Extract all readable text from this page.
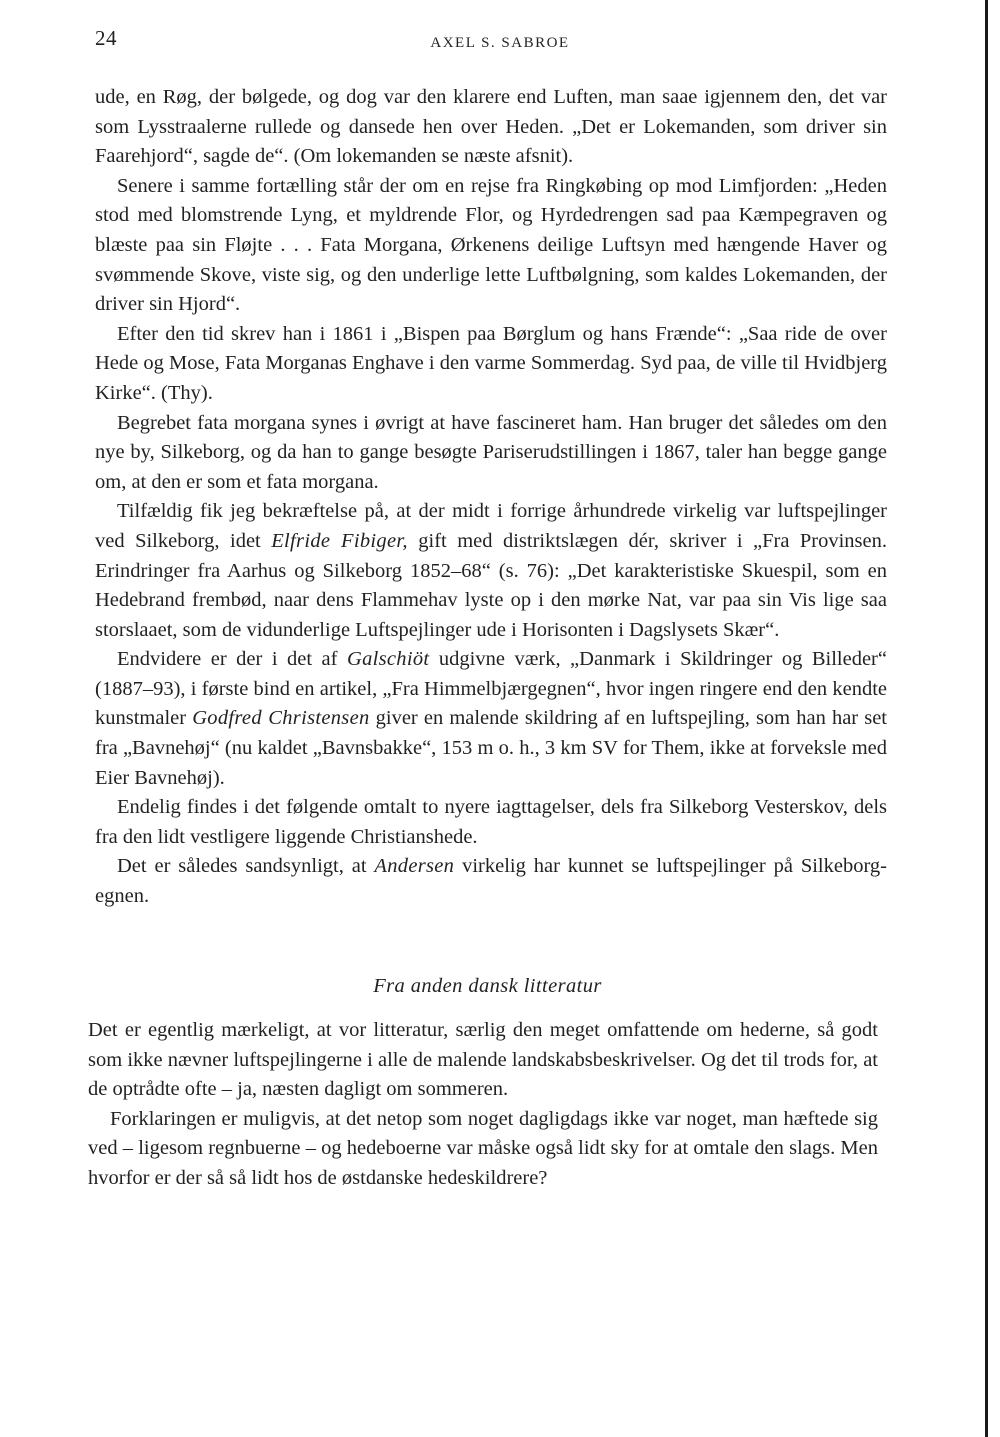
24	AXEL S. SABROE

ude, en Røg, der bølgede, og dog var den klarere end Luften, man saae igjennem den, det var som Lysstraalerne rullede og dansede hen over Heden. „Det er Lokemanden, som driver sin Faarehjord“, sagde de“. (Om lokemanden se næste afsnit).

Senere i samme fortælling står der om en rejse fra Ringkøbing op mod Limfjorden: „Heden stod med blomstrende Lyng, et myldrende Flor, og Hyrdedrengen sad paa Kæmpegraven og blæste paa sin Fløjte . . . Fata Morgana, Ørkenens deilige Luftsyn med hængende Haver og svømmende Skove, viste sig, og den underlige lette Luftbølgning, som kaldes Lokemanden, der driver sin Hjord“.

Efter den tid skrev han i 1861 i „Bispen paa Børglum og hans Frænde“: „Saa ride de over Hede og Mose, Fata Morganas Enghave i den varme Sommerdag. Syd paa, de ville til Hvidbjerg Kirke“. (Thy).

Begrebet fata morgana synes i øvrigt at have fascineret ham. Han bruger det således om den nye by, Silkeborg, og da han to gange besøgte Pariserudstillingen i 1867, taler han begge gange om, at den er som et fata morgana.

Tilfældig fik jeg bekræftelse på, at der midt i forrige århundrede virkelig var luftspejlinger ved Silkeborg, idet Elfride Fibiger, gift med distriktslægen dér, skriver i „Fra Provinsen. Erindringer fra Aarhus og Silkeborg 1852–68“ (s. 76): „Det karakteristiske Skuespil, som en Hedebrand frembød, naar dens Flammehav lyste op i den mørke Nat, var paa sin Vis lige saa storslaaet, som de vidunderlige Luftspejlinger ude i Horisonten i Dagslysets Skær“.

Endvidere er der i det af Galschiöt udgivne værk, „Danmark i Skildringer og Billeder“ (1887–93), i første bind en artikel, „Fra Himmelbjærgegnen“, hvor ingen ringere end den kendte kunstmaler Godfred Christensen giver en malende skildring af en luftspejling, som han har set fra „Bavnehøj“ (nu kaldet „Bavnsbakke“, 153 m o. h., 3 km SV for Them, ikke at forveksle med Eier Bavnehøj).

Endelig findes i det følgende omtalt to nyere iagttagelser, dels fra Silkeborg Vesterskov, dels fra den lidt vestligere liggende Christianshede.

Det er således sandsynligt, at Andersen virkelig har kunnet se luftspejlinger på Silkeborg-egnen.

Fra anden dansk litteratur

Det er egentlig mærkeligt, at vor litteratur, særlig den meget omfattende om hederne, så godt som ikke nævner luftspejlingerne i alle de malende landskabsbeskrivelser. Og det til trods for, at de optrådte ofte – ja, næsten dagligt om sommeren.

Forklaringen er muligvis, at det netop som noget dagligdags ikke var noget, man hæftede sig ved – ligesom regnbuerne – og hedeboerne var måske også lidt sky for at omtale den slags. Men hvorfor er der så så lidt hos de østdanske hedeskildrere?
